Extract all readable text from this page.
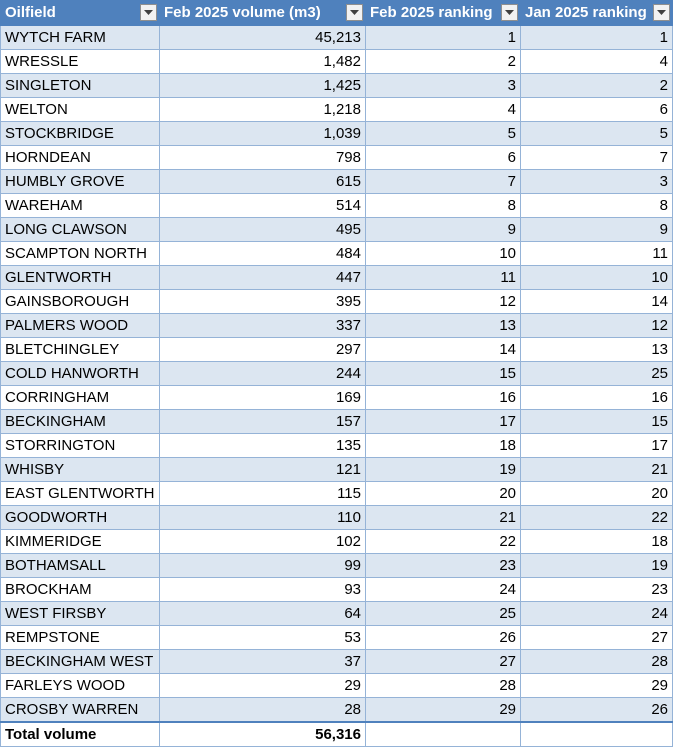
Oilfield	Feb 2025 volume (m3)	Feb 2025 ranking	Jan 2025 ranking

WYTCH FARM	45,213	1	1
WRESSLE	1,482	2	4
SINGLETON	1,425	3	2
WELTON	1,218	4	6
STOCKBRIDGE	1,039	5	5
HORNDEAN	798	6	7
HUMBLY GROVE	615	7	3
WAREHAM	514	8	8
LONG CLAWSON	495	9	9
SCAMPTON NORTH	484	10	11
GLENTWORTH	447	11	10
GAINSBOROUGH	395	12	14
PALMERS WOOD	337	13	12
BLETCHINGLEY	297	14	13
COLD HANWORTH	244	15	25
CORRINGHAM	169	16	16
BECKINGHAM	157	17	15
STORRINGTON	135	18	17
WHISBY	121	19	21
EAST GLENTWORTH	115	20	20
GOODWORTH	110	21	22
KIMMERIDGE	102	22	18
BOTHAMSALL	99	23	19
BROCKHAM	93	24	23
WEST FIRSBY	64	25	24
REMPSTONE	53	26	27
BECKINGHAM WEST	37	27	28
FARLEYS WOOD	29	28	29
CROSBY WARREN	28	29	26
Total volume	56,316		
